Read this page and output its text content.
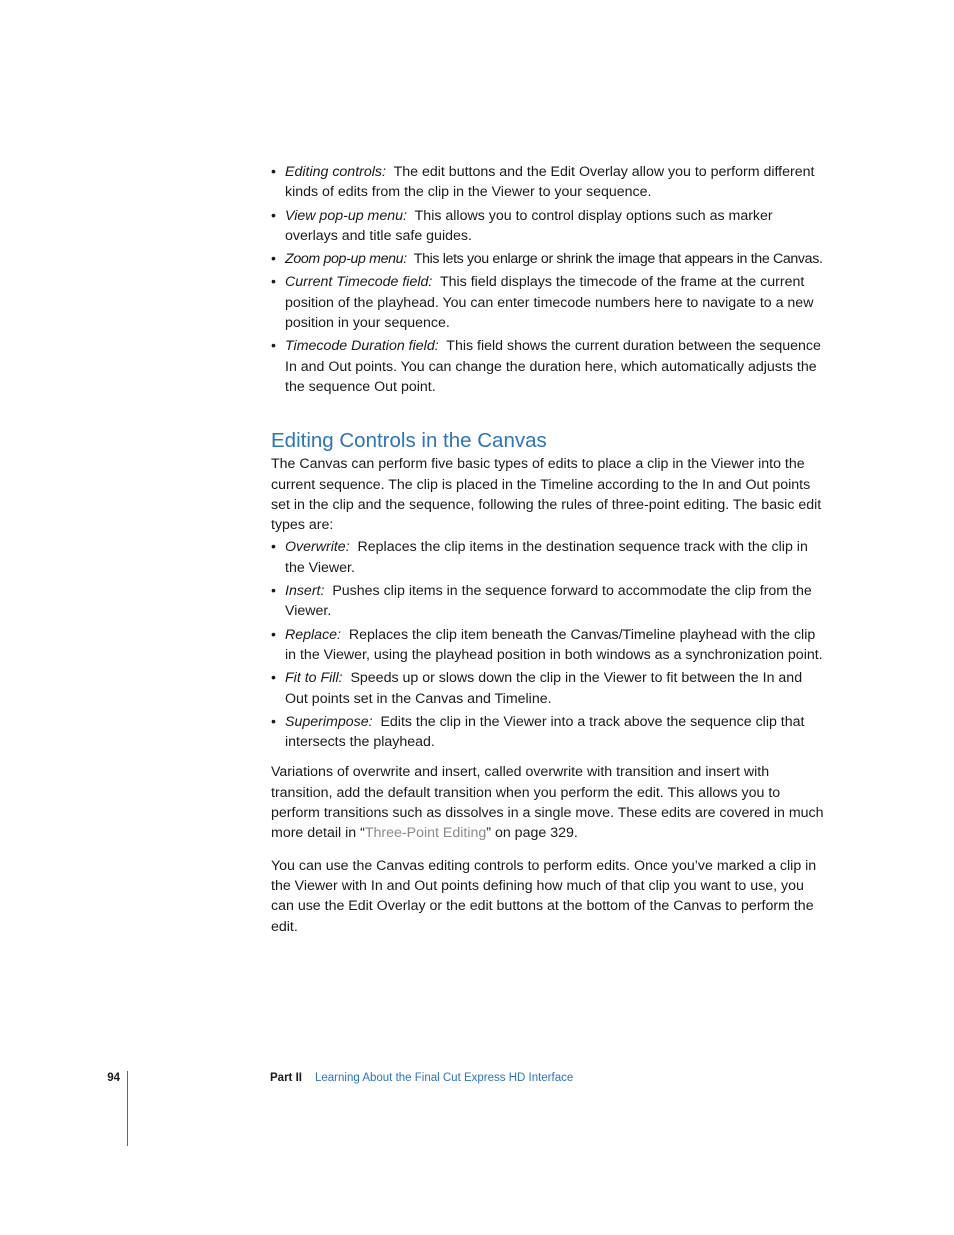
• Editing controls: The edit buttons and the Edit Overlay allow you to perform different kinds of edits from the clip in the Viewer to your sequence.
• View pop-up menu: This allows you to control display options such as marker overlays and title safe guides.
• Zoom pop-up menu: This lets you enlarge or shrink the image that appears in the Canvas.
• Current Timecode field: This field displays the timecode of the frame at the current position of the playhead. You can enter timecode numbers here to navigate to a new position in your sequence.
• Timecode Duration field: This field shows the current duration between the sequence In and Out points. You can change the duration here, which automatically adjusts the the sequence Out point.
Editing Controls in the Canvas

The Canvas can perform five basic types of edits to place a clip in the Viewer into the current sequence. The clip is placed in the Timeline according to the In and Out points set in the clip and the sequence, following the rules of three-point editing. The basic edit types are:

• Overwrite: Replaces the clip items in the destination sequence track with the clip in the Viewer.
• Insert: Pushes clip items in the sequence forward to accommodate the clip from the Viewer.
• Replace: Replaces the clip item beneath the Canvas/Timeline playhead with the clip in the Viewer, using the playhead position in both windows as a synchronization point.
• Fit to Fill: Speeds up or slows down the clip in the Viewer to fit between the In and Out points set in the Canvas and Timeline.
• Superimpose: Edits the clip in the Viewer into a track above the sequence clip that intersects the playhead.

Variations of overwrite and insert, called overwrite with transition and insert with transition, add the default transition when you perform the edit. This allows you to perform transitions such as dissolves in a single move. These edits are covered in much more detail in “Three-Point Editing” on page 329.

You can use the Canvas editing controls to perform edits. Once you’ve marked a clip in the Viewer with In and Out points defining how much of that clip you want to use, you can use the Edit Overlay or the edit buttons at the bottom of the Canvas to perform the edit.

94	Part II Learning About the Final Cut Express HD Interface
